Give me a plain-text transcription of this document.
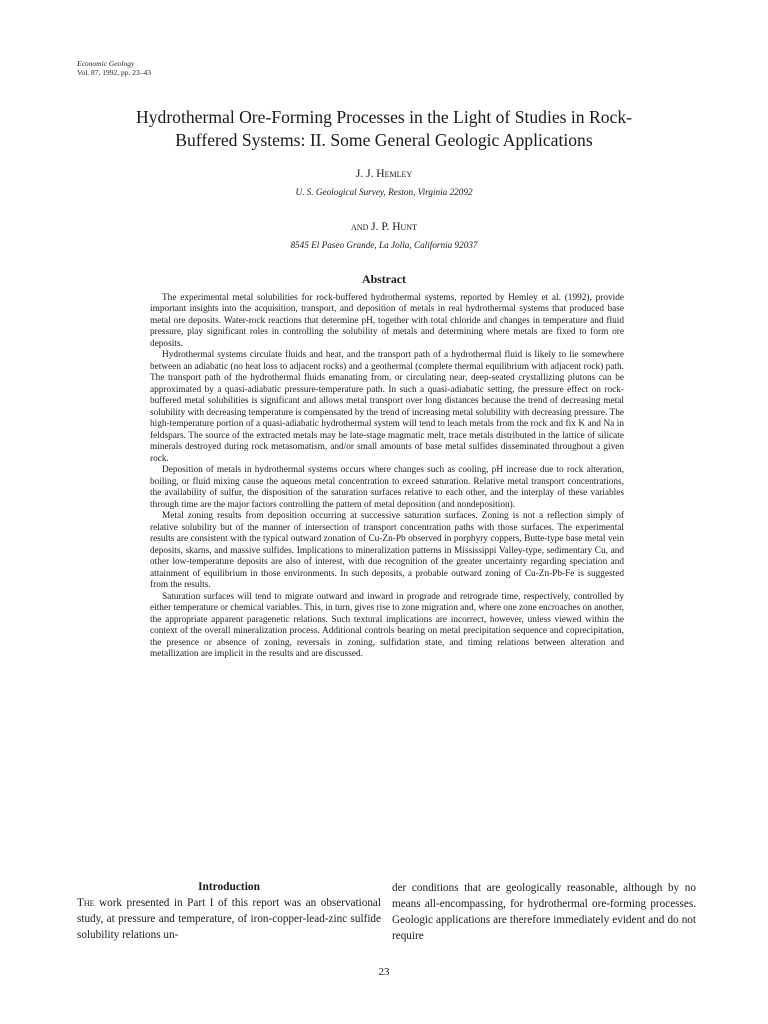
Economic Geology
Vol. 87, 1992, pp. 23–43
Hydrothermal Ore-Forming Processes in the Light of Studies in Rock-
Buffered Systems: II. Some General Geologic Applications
J. J. Hemley
U. S. Geological Survey, Reston, Virginia 22092
and J. P. Hunt
8545 El Paseo Grande, La Jolla, California 92037
Abstract

The experimental metal solubilities for rock-buffered hydrothermal systems, reported by Hemley et al. (1992), provide important insights into the acquisition, transport, and deposition of metals in real hydrothermal systems that produced base metal ore deposits. Water-rock reactions that determine pH, together with total chloride and changes in temperature and fluid pressure, play significant roles in controlling the solubility of metals and determining where metals are fixed to form ore deposits.

Hydrothermal systems circulate fluids and heat, and the transport path of a hydrothermal fluid is likely to lie somewhere between an adiabatic (no heat loss to adjacent rocks) and a geothermal (complete thermal equilibrium with adjacent rock) path. The transport path of the hydrothermal fluids emanating from, or circulating near, deep-seated crystallizing plutons can be approximated by a quasi-adiabatic pressure-temperature path. In such a quasi-adiabatic setting, the pressure effect on rock-buffered metal solubilities is significant and allows metal transport over long distances because the trend of decreasing metal solubility with decreasing temperature is compensated by the trend of increasing metal solubility with decreasing pressure. The high-temperature portion of a quasi-adiabatic hydrothermal system will tend to leach metals from the rock and fix K and Na in feldspars. The source of the extracted metals may be late-stage magmatic melt, trace metals distributed in the lattice of silicate minerals destroyed during rock metasomatism, and/or small amounts of base metal sulfides disseminated throughout a given rock.

Deposition of metals in hydrothermal systems occurs where changes such as cooling, pH increase due to rock alteration, boiling, or fluid mixing cause the aqueous metal concentration to exceed saturation. Relative metal transport concentrations, the availability of sulfur, the disposition of the saturation surfaces relative to each other, and the interplay of these variables through time are the major factors controlling the pattern of metal deposition (and nondeposition).

Metal zoning results from deposition occurring at successive saturation surfaces. Zoning is not a reflection simply of relative solubility but of the manner of intersection of transport concentration paths with those surfaces. The experimental results are consistent with the typical outward zonation of Cu-Zn-Pb observed in porphyry coppers, Butte-type base metal vein deposits, skarns, and massive sulfides. Implications to mineralization patterns in Mississippi Valley-type, sedimentary Cu, and other low-temperature deposits are also of interest, with due recognition of the greater uncertainty regarding speciation and attainment of equilibrium in those environments. In such deposits, a probable outward zoning of Cu-Zn-Pb-Fe is suggested from the results.

Saturation surfaces will tend to migrate outward and inward in prograde and retrograde time, respectively, controlled by either temperature or chemical variables. This, in turn, gives rise to zone migration and, where one zone encroaches on another, the appropriate apparent paragenetic relations. Such textural implications are incorrect, however, unless viewed within the context of the overall mineralization process. Additional controls bearing on metal precipitation sequence and coprecipitation, the presence or absence of zoning, reversals in zoning, sulfidation state, and timing relations between alteration and metallization are implicit in the results and are discussed.

Introduction

The work presented in Part I of this report was an observational study, at pressure and temperature, of iron-copper-lead-zinc sulfide solubility relations un-

der conditions that are geologically reasonable, although by no means all-encompassing, for hydrothermal ore-forming processes. Geologic applications are therefore immediately evident and do not require

23
